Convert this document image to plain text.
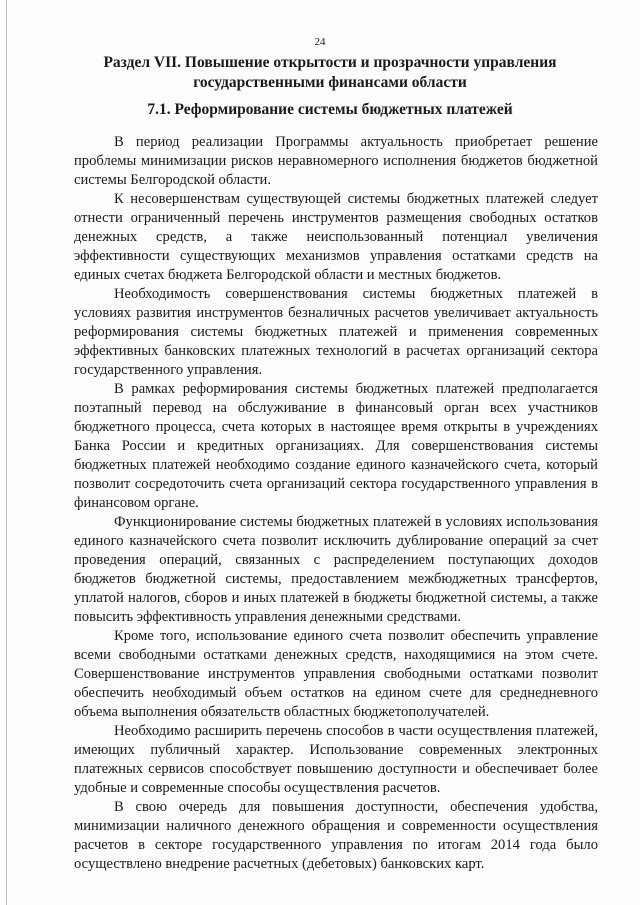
24
Раздел VII. Повышение открытости и прозрачности управления государственными финансами области
7.1. Реформирование системы бюджетных платежей

В период реализации Программы актуальность приобретает решение проблемы минимизации рисков неравномерного исполнения бюджетов бюджетной системы Белгородской области.

К несовершенствам существующей системы бюджетных платежей следует отнести ограниченный перечень инструментов размещения свободных остатков денежных средств, а также неиспользованный потенциал увеличения эффективности существующих механизмов управления остатками средств на единых счетах бюджета Белгородской области и местных бюджетов.

Необходимость совершенствования системы бюджетных платежей в условиях развития инструментов безналичных расчетов увеличивает актуальность реформирования системы бюджетных платежей и применения современных эффективных банковских платежных технологий в расчетах организаций сектора государственного управления.

В рамках реформирования системы бюджетных платежей предполагается поэтапный перевод на обслуживание в финансовый орган всех участников бюджетного процесса, счета которых в настоящее время открыты в учреждениях Банка России и кредитных организациях. Для совершенствования системы бюджетных платежей необходимо создание единого казначейского счета, который позволит сосредоточить счета организаций сектора государственного управления в финансовом органе.

Функционирование системы бюджетных платежей в условиях использования единого казначейского счета позволит исключить дублирование операций за счет проведения операций, связанных с распределением поступающих доходов бюджетов бюджетной системы, предоставлением межбюджетных трансфертов, уплатой налогов, сборов и иных платежей в бюджеты бюджетной системы, а также повысить эффективность управления денежными средствами.

Кроме того, использование единого счета позволит обеспечить управление всеми свободными остатками денежных средств, находящимися на этом счете. Совершенствование инструментов управления свободными остатками позволит обеспечить необходимый объем остатков на едином счете для среднедневного объема выполнения обязательств областных бюджетополучателей.

Необходимо расширить перечень способов в части осуществления платежей, имеющих публичный характер. Использование современных электронных платежных сервисов способствует повышению доступности и обеспечивает более удобные и современные способы осуществления расчетов.

В свою очередь для повышения доступности, обеспечения удобства, минимизации наличного денежного обращения и современности осуществления расчетов в секторе государственного управления по итогам 2014 года было осуществлено внедрение расчетных (дебетовых) банковских карт.
